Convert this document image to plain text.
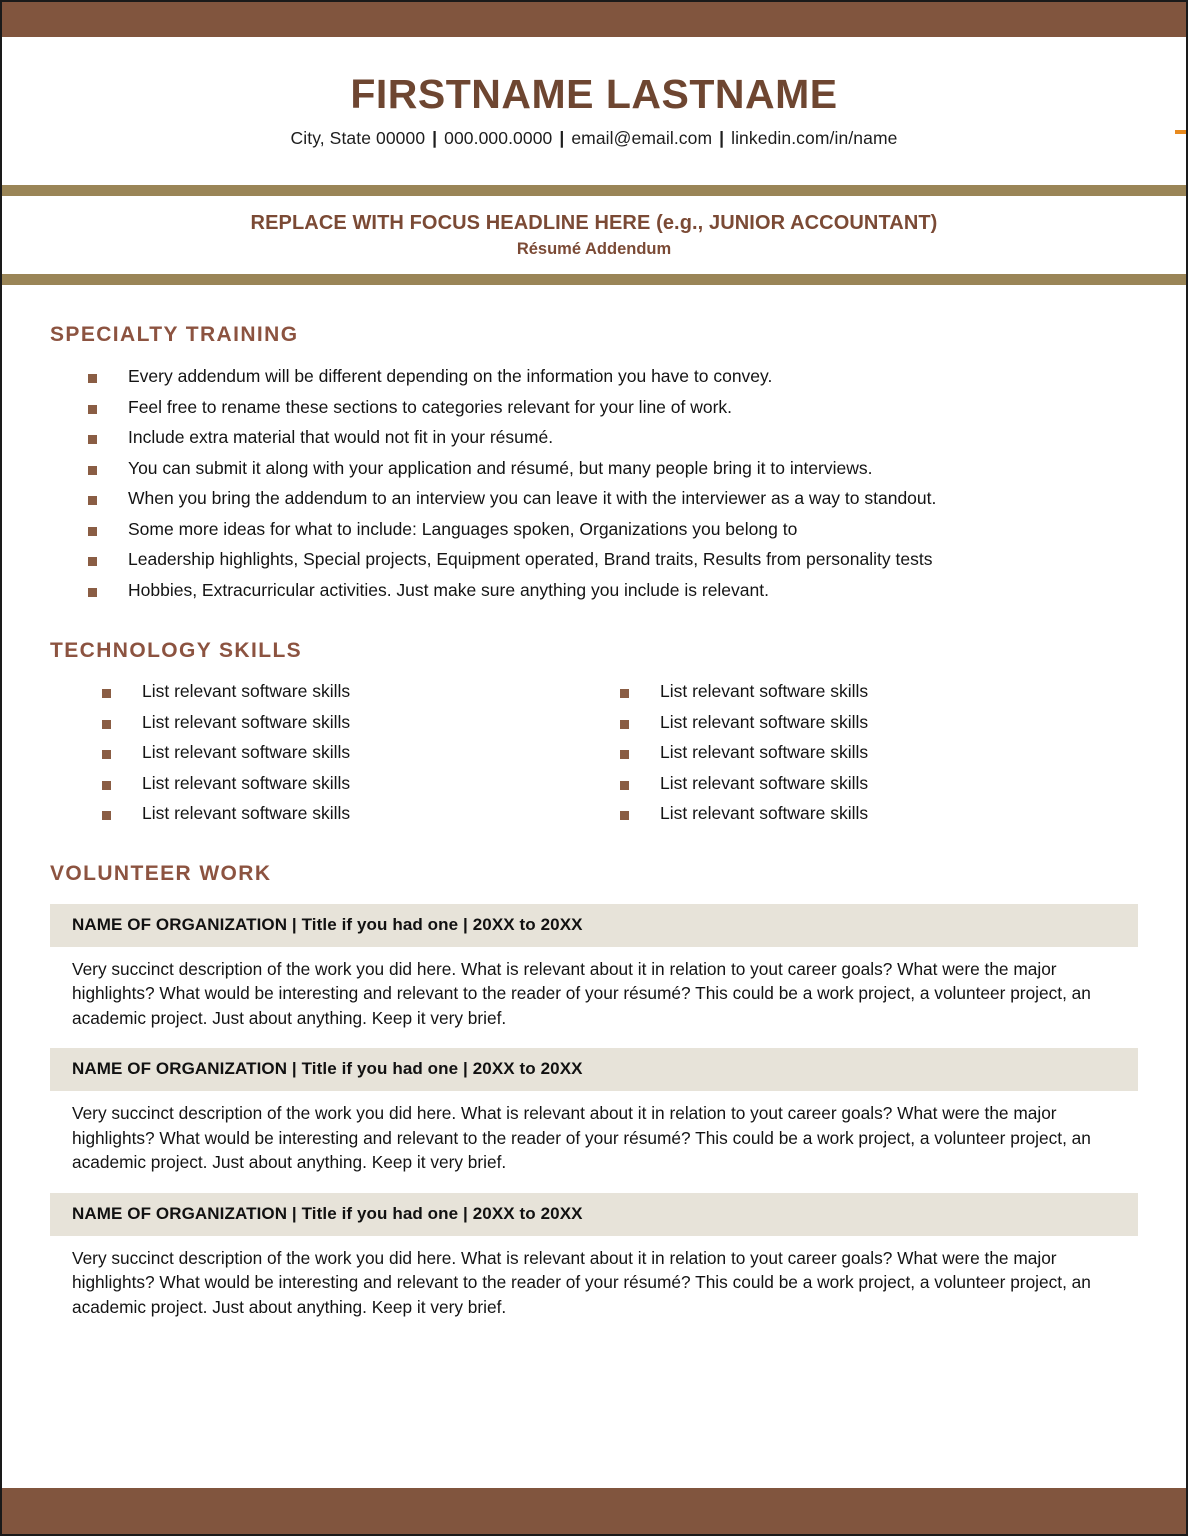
FIRSTNAME LASTNAME
City, State 00000 | 000.000.0000 | email@email.com | linkedin.com/in/name
REPLACE WITH FOCUS HEADLINE HERE (e.g., JUNIOR ACCOUNTANT)
Résumé Addendum
SPECIALTY TRAINING
Every addendum will be different depending on the information you have to convey.
Feel free to rename these sections to categories relevant for your line of work.
Include extra material that would not fit in your résumé.
You can submit it along with your application and résumé, but many people bring it to interviews.
When you bring the addendum to an interview you can leave it with the interviewer as a way to standout.
Some more ideas for what to include: Languages spoken, Organizations you belong to
Leadership highlights, Special projects, Equipment operated, Brand traits, Results from personality tests
Hobbies, Extracurricular activities. Just make sure anything you include is relevant.
TECHNOLOGY SKILLS
List relevant software skills
List relevant software skills
List relevant software skills
List relevant software skills
List relevant software skills
List relevant software skills
List relevant software skills
List relevant software skills
List relevant software skills
List relevant software skills
VOLUNTEER WORK
NAME OF ORGANIZATION | Title if you had one | 20XX to 20XX
Very succinct description of the work you did here. What is relevant about it in relation to yout career goals? What were the major highlights? What would be interesting and relevant to the reader of your résumé? This could be a work project, a volunteer project, an academic project. Just about anything. Keep it very brief.
NAME OF ORGANIZATION | Title if you had one | 20XX to 20XX
Very succinct description of the work you did here. What is relevant about it in relation to yout career goals? What were the major highlights? What would be interesting and relevant to the reader of your résumé? This could be a work project, a volunteer project, an academic project. Just about anything. Keep it very brief.
NAME OF ORGANIZATION | Title if you had one | 20XX to 20XX
Very succinct description of the work you did here. What is relevant about it in relation to yout career goals? What were the major highlights? What would be interesting and relevant to the reader of your résumé? This could be a work project, a volunteer project, an academic project. Just about anything. Keep it very brief.
